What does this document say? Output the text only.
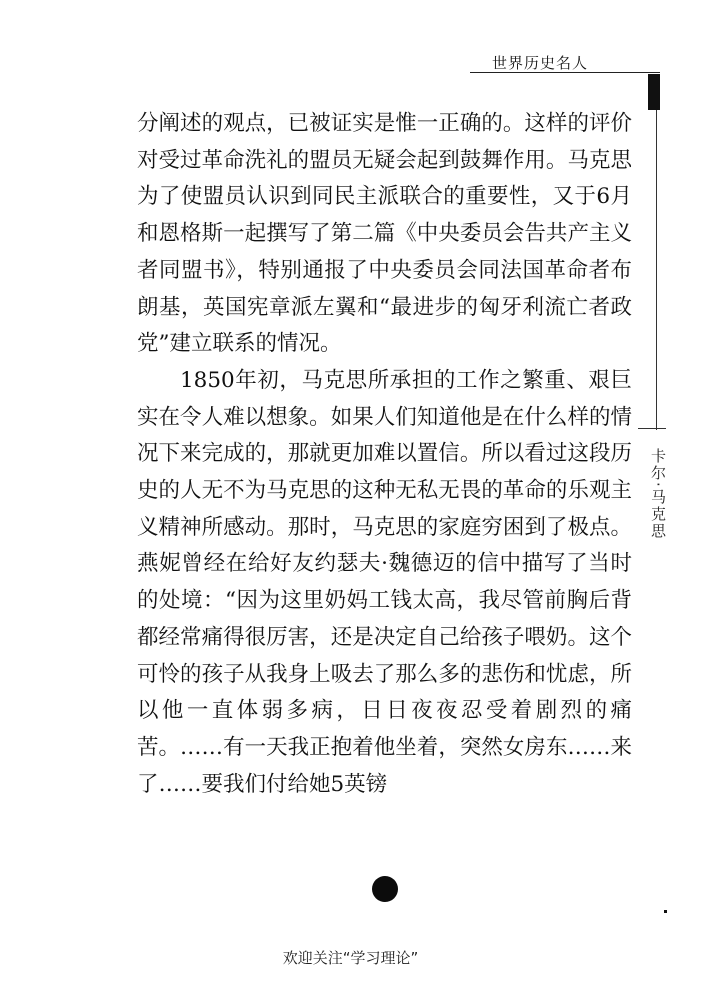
世界历史名人
卡尔·马克思

分阐述的观点，已被证实是惟一正确的。这样的评价对受过革命洗礼的盟员无疑会起到鼓舞作用。马克思为了使盟员认识到同民主派联合的重要性，又于6月和恩格斯一起撰写了第二篇《中央委员会告共产主义者同盟书》，特别通报了中央委员会同法国革命者布朗基，英国宪章派左翼和“最进步的匈牙利流亡者政党”建立联系的情况。

1850年初，马克思所承担的工作之繁重、艰巨实在令人难以想象。如果人们知道他是在什么样的情况下来完成的，那就更加难以置信。所以看过这段历史的人无不为马克思的这种无私无畏的革命的乐观主义精神所感动。那时，马克思的家庭穷困到了极点。燕妮曾经在给好友约瑟夫·魏德迈的信中描写了当时的处境：“因为这里奶妈工钱太高，我尽管前胸后背都经常痛得很厉害，还是决定自己给孩子喂奶。这个可怜的孩子从我身上吸去了那么多的悲伤和忧虑，所以他一直体弱多病，日日夜夜忍受着剧烈的痛苦。……有一天我正抱着他坐着，突然女房东……来了……要我们付给她5英镑

欢迎关注“学习理论”
